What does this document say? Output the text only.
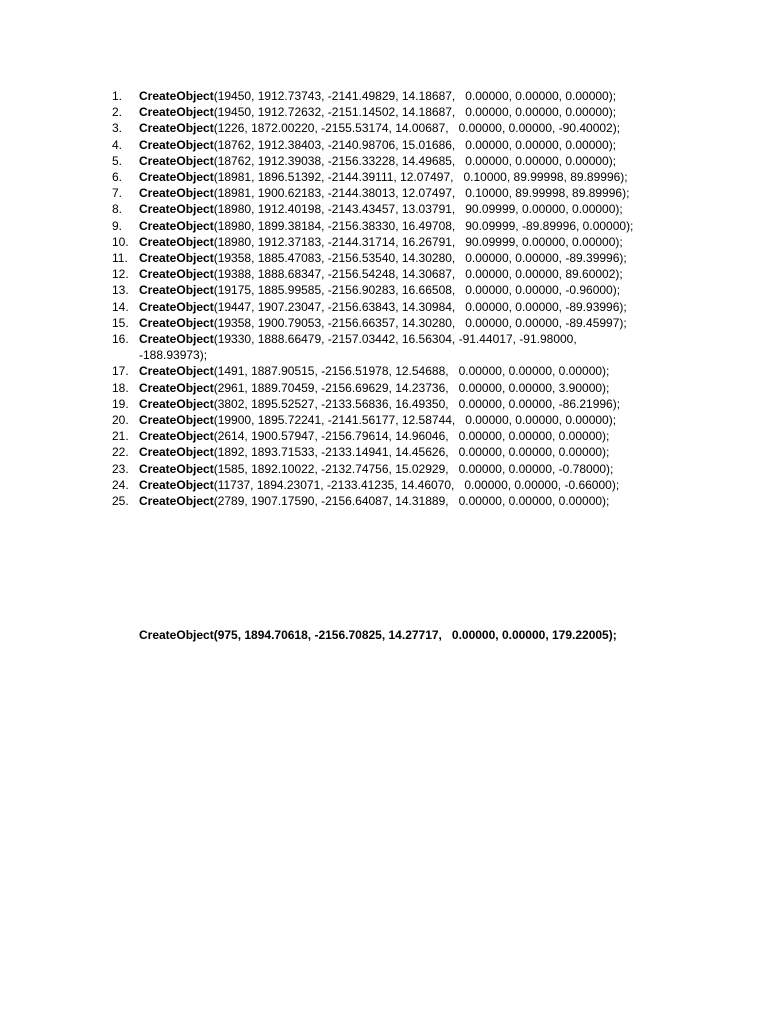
1.	CreateObject(19450, 1912.73743, -2141.49829, 14.18687,   0.00000, 0.00000, 0.00000);
2.	CreateObject(19450, 1912.72632, -2151.14502, 14.18687,   0.00000, 0.00000, 0.00000);
3.	CreateObject(1226, 1872.00220, -2155.53174, 14.00687,   0.00000, 0.00000, -90.40002);
4.	CreateObject(18762, 1912.38403, -2140.98706, 15.01686,   0.00000, 0.00000, 0.00000);
5.	CreateObject(18762, 1912.39038, -2156.33228, 14.49685,   0.00000, 0.00000, 0.00000);
6.	CreateObject(18981, 1896.51392, -2144.39111, 12.07497,   0.10000, 89.99998, 89.89996);
7.	CreateObject(18981, 1900.62183, -2144.38013, 12.07497,   0.10000, 89.99998, 89.89996);
8.	CreateObject(18980, 1912.40198, -2143.43457, 13.03791,   90.09999, 0.00000, 0.00000);
9.	CreateObject(18980, 1899.38184, -2156.38330, 16.49708,   90.09999, -89.89996, 0.00000);
10. CreateObject(18980, 1912.37183, -2144.31714, 16.26791,   90.09999, 0.00000, 0.00000);
11. CreateObject(19358, 1885.47083, -2156.53540, 14.30280,   0.00000, 0.00000, -89.39996);
12. CreateObject(19388, 1888.68347, -2156.54248, 14.30687,   0.00000, 0.00000, 89.60002);
13. CreateObject(19175, 1885.99585, -2156.90283, 16.66508,   0.00000, 0.00000, -0.96000);
14. CreateObject(19447, 1907.23047, -2156.63843, 14.30984,   0.00000, 0.00000, -89.93996);
15. CreateObject(19358, 1900.79053, -2156.66357, 14.30280,   0.00000, 0.00000, -89.45997);
16. CreateObject(19330, 1888.66479, -2157.03442, 16.56304, -91.44017, -91.98000, -188.93973);
17. CreateObject(1491, 1887.90515, -2156.51978, 12.54688,   0.00000, 0.00000, 0.00000);
18. CreateObject(2961, 1889.70459, -2156.69629, 14.23736,   0.00000, 0.00000, 3.90000);
19. CreateObject(3802, 1895.52527, -2133.56836, 16.49350,   0.00000, 0.00000, -86.21996);
20. CreateObject(19900, 1895.72241, -2141.56177, 12.58744,   0.00000, 0.00000, 0.00000);
21. CreateObject(2614, 1900.57947, -2156.79614, 14.96046,   0.00000, 0.00000, 0.00000);
22. CreateObject(1892, 1893.71533, -2133.14941, 14.45626,   0.00000, 0.00000, 0.00000);
23. CreateObject(1585, 1892.10022, -2132.74756, 15.02929,   0.00000, 0.00000, -0.78000);
24. CreateObject(11737, 1894.23071, -2133.41235, 14.46070,   0.00000, 0.00000, -0.66000);
25. CreateObject(2789, 1907.17590, -2156.64087, 14.31889,   0.00000, 0.00000, 0.00000);
CreateObject(975, 1894.70618, -2156.70825, 14.27717,   0.00000, 0.00000, 179.22005);
